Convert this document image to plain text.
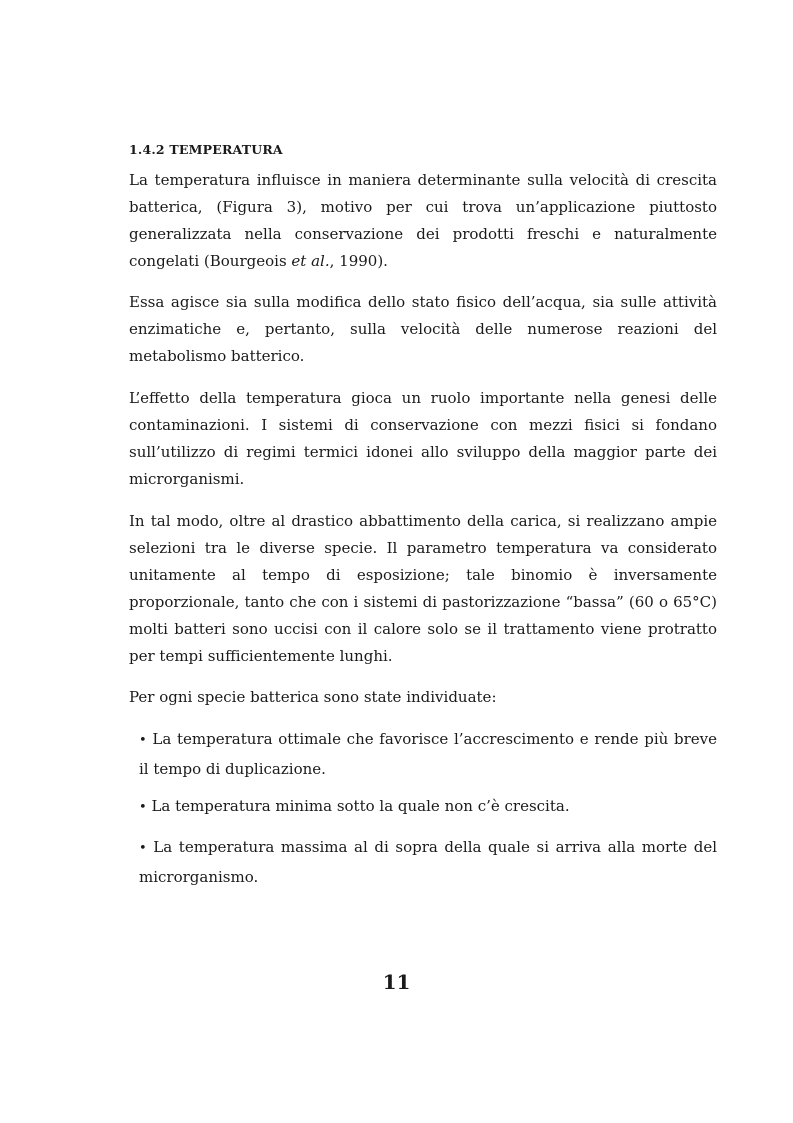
1.4.2 TEMPERATURA

La temperatura influisce in maniera determinante sulla velocità di crescita batterica, (Figura 3), motivo per cui trova un’applicazione piuttosto generalizzata nella conservazione dei prodotti freschi e naturalmente congelati (Bourgeois et al., 1990).

Essa agisce sia sulla modifica dello stato fisico dell’acqua, sia sulle attività enzimatiche e, pertanto, sulla velocità delle numerose reazioni del metabolismo batterico.

L’effetto della temperatura gioca un ruolo importante nella genesi delle contaminazioni. I sistemi di conservazione con mezzi fisici si fondano sull’utilizzo di regimi termici idonei allo sviluppo della maggior parte dei microrganismi.

In tal modo, oltre al drastico abbattimento della carica, si realizzano ampie selezioni tra le diverse specie. Il parametro temperatura va considerato unitamente al tempo di esposizione; tale binomio è inversamente proporzionale, tanto che con i sistemi di pastorizzazione “bassa” (60 o 65°C) molti batteri sono uccisi con il calore solo se il trattamento viene protratto per tempi sufficientemente lunghi.

Per ogni specie batterica sono state individuate:

• La temperatura ottimale che favorisce l’accrescimento e rende più breve il tempo di duplicazione.

• La temperatura minima sotto la quale non c’è crescita.

• La temperatura massima al di sopra della quale si arriva alla morte del microrganismo.

11
